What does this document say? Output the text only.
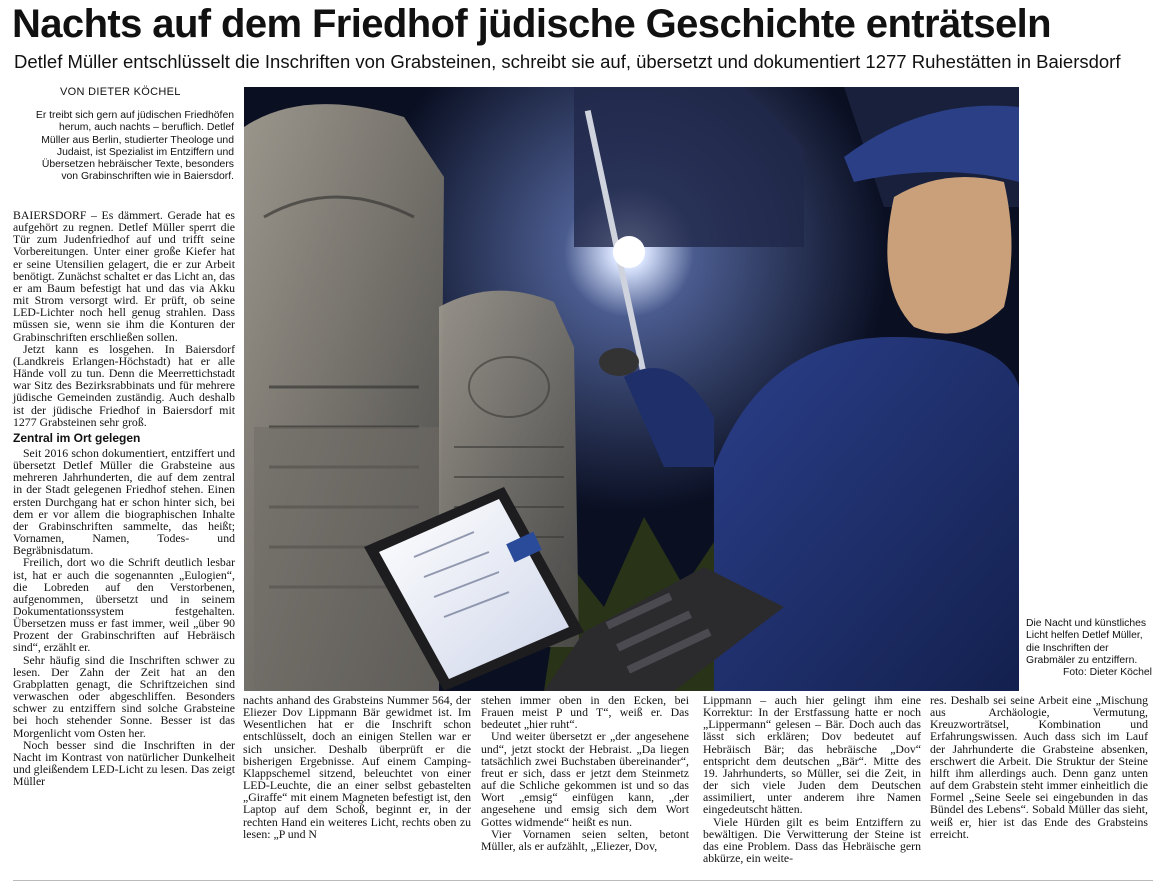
Nachts auf dem Friedhof jüdische Geschichte enträtseln
Detlef Müller entschlüsselt die Inschriften von Grabsteinen, schreibt sie auf, übersetzt und dokumentiert 1277 Ruhestätten in Baiersdorf
VON DIETER KÖCHEL
Er treibt sich gern auf jüdischen Friedhöfen herum, auch nachts – beruflich. Detlef Müller aus Berlin, studierter Theologe und Judaist, ist Spezialist im Entziffern und Übersetzen hebräischer Texte, besonders von Grabinschriften wie in Baiersdorf.

BAIERSDORF – Es dämmert. Gerade hat es aufgehört zu regnen. Detlef Müller sperrt die Tür zum Judenfriedhof auf und trifft seine Vorbereitungen. Unter einer große Kiefer hat er seine Utensilien gelagert, die er zur Arbeit benötigt. Zunächst schaltet er das Licht an, das er am Baum befestigt hat und das via Akku mit Strom versorgt wird. Er prüft, ob seine LED-Lichter noch hell genug strahlen. Dass müssen sie, wenn sie ihm die Konturen der Grabinschriften erschließen sollen.

Jetzt kann es losgehen. In Baiersdorf (Landkreis Erlangen-Höchstadt) hat er alle Hände voll zu tun. Denn die Meerrettichstadt war Sitz des Bezirksrabbinats und für mehrere jüdische Gemeinden zuständig. Auch deshalb ist der jüdische Friedhof in Baiersdorf mit 1277 Grabsteinen sehr groß.

Zentral im Ort gelegen

Seit 2016 schon dokumentiert, entziffert und übersetzt Detlef Müller die Grabsteine aus mehreren Jahrhunderten, die auf dem zentral in der Stadt gelegenen Friedhof stehen. Einen ersten Durchgang hat er schon hinter sich, bei dem er vor allem die biographischen Inhalte der Grabinschriften sammelte, das heißt; Vornamen, Namen, Todes- und Begräbnisdatum.

Freilich, dort wo die Schrift deutlich lesbar ist, hat er auch die sogenannten „Eulogien“, die Lobreden auf den Verstorbenen, aufgenommen, übersetzt und in seinem Dokumentationssystem festgehalten. Übersetzen muss er fast immer, weil „über 90 Prozent der Grabinschriften auf Hebräisch sind“, erzählt er.

Sehr häufig sind die Inschriften schwer zu lesen. Der Zahn der Zeit hat an den Grabplatten genagt, die Schriftzeichen sind verwaschen oder abgeschliffen. Besonders schwer zu entziffern sind solche Grabsteine bei hoch stehender Sonne. Besser ist das Morgenlicht vom Osten her.

Noch besser sind die Inschriften in der Nacht im Kontrast von natürlicher Dunkelheit und gleißendem LED-Licht zu lesen. Das zeigt Müller

Die Nacht und künstliches Licht helfen Detlef Müller, die Inschriften der Grabmäler zu entziffern.
Foto: Dieter Köchel

nachts anhand des Grabsteins Nummer 564, der Eliezer Dov Lippmann Bär gewidmet ist. Im Wesentlichen hat er die Inschrift schon entschlüsselt, doch an einigen Stellen war er sich unsicher. Deshalb überprüft er die bisherigen Ergebnisse. Auf einem Camping-Klappschemel sitzend, beleuchtet von einer LED-Leuchte, die an einer selbst gebastelten „Giraffe“ mit einem Magneten befestigt ist, den Laptop auf dem Schoß, beginnt er, in der rechten Hand ein weiteres Licht, rechts oben zu lesen: „P und N

stehen immer oben in den Ecken, bei Frauen meist P und T“, weiß er. Das bedeutet „hier ruht“.

Und weiter übersetzt er „der angesehene und“, jetzt stockt der Hebraist. „Da liegen tatsächlich zwei Buchstaben übereinander“, freut er sich, dass er jetzt dem Steinmetz auf die Schliche gekommen ist und so das Wort „emsig“ einfügen kann, „der angesehene und emsig sich dem Wort Gottes widmende“ heißt es nun.

Vier Vornamen seien selten, betont Müller, als er aufzählt, „Eliezer, Dov,

Lippmann – auch hier gelingt ihm eine Korrektur: In der Erstfassung hatte er noch „Lippermann“ gelesen – Bär. Doch auch das lässt sich erklären; Dov bedeutet auf Hebräisch Bär; das hebräische „Dov“ entspricht dem deutschen „Bär“. Mitte des 19. Jahrhunderts, so Müller, sei die Zeit, in der sich viele Juden dem Deutschen assimiliert, unter anderem ihre Namen eingedeutscht hätten.

Viele Hürden gilt es beim Entziffern zu bewältigen. Die Verwitterung der Steine ist das eine Problem. Dass das Hebräische gern abkürze, ein weite-

res. Deshalb sei seine Arbeit eine „Mischung aus Archäologie, Vermutung, Kreuzworträtsel, Kombination und Erfahrungswissen. Auch dass sich im Lauf der Jahrhunderte die Grabsteine absenken, erschwert die Arbeit. Die Struktur der Steine hilft ihm allerdings auch. Denn ganz unten auf dem Grabstein steht immer einheitlich die Formel „Seine Seele sei eingebunden in das Bündel des Lebens“. Sobald Müller das sieht, weiß er, hier ist das Ende des Grabsteins erreicht.
